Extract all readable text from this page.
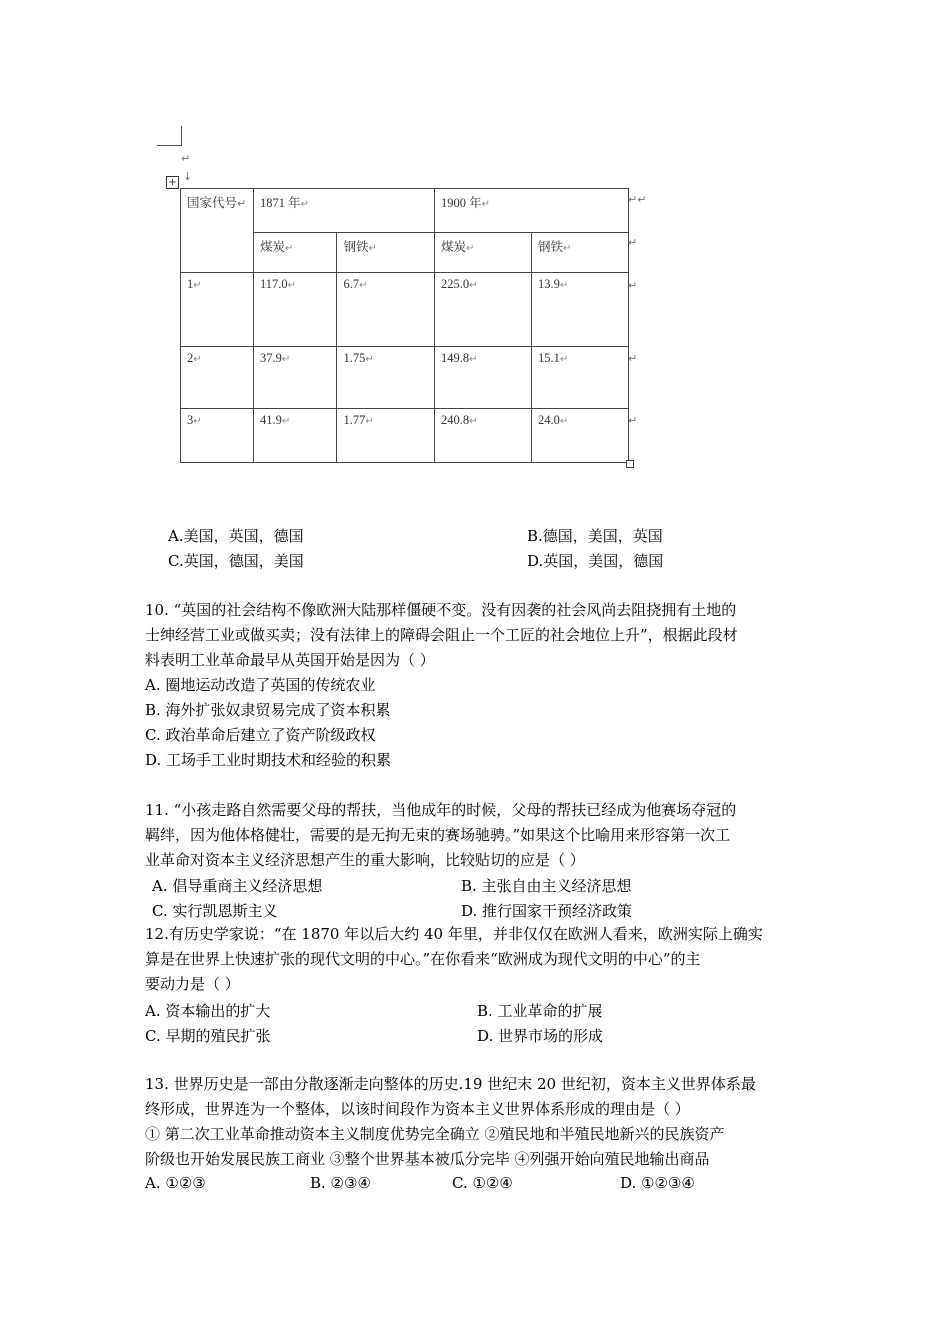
↵
↓
+
国家代号↵	1871 年↵		1900 年↵	
	煤炭↵	钢铁↵	煤炭↵	钢铁↵
1↵	117.0↵	6.7↵	225.0↵	13.9↵
2↵	37.9↵	1.75↵	149.8↵	15.1↵
3↵	41.9↵	1.77↵	240.8↵	24.0↵
↵↵
↵
↵
↵
↵
A.美国，英国，德国	B.德国，美国，英国
C.英国，德国，美国	D.英国，美国，德国
10. “英国的社会结构不像欧洲大陆那样僵硬不变。没有因袭的社会风尚去阻挠拥有土地的
士绅经营工业或做买卖；没有法律上的障碍会阻止一个工匠的社会地位上升”，根据此段材
料表明工业革命最早从英国开始是因为（ ）
A. 圈地运动改造了英国的传统农业
B. 海外扩张奴隶贸易完成了资本积累
C. 政治革命后建立了资产阶级政权
D. 工场手工业时期技术和经验的积累
11. “小孩走路自然需要父母的帮扶，当他成年的时候，父母的帮扶已经成为他赛场夺冠的
羁绊，因为他体格健壮，需要的是无拘无束的赛场驰骋。”如果这个比喻用来形容第一次工
业革命对资本主义经济思想产生的重大影响，比较贴切的应是（ ）
A. 倡导重商主义经济思想	B. 主张自由主义经济思想
C. 实行凯恩斯主义	D. 推行国家干预经济政策
12.有历史学家说：“在 1870 年以后大约 40 年里，并非仅仅在欧洲人看来，欧洲实际上确实
算是在世界上快速扩张的现代文明的中心。”在你看来“欧洲成为现代文明的中心”的主
要动力是（ ）
A. 资本输出的扩大	B. 工业革命的扩展
C. 早期的殖民扩张	D. 世界市场的形成
13. 世界历史是一部由分散逐渐走向整体的历史.19 世纪末 20 世纪初，资本主义世界体系最
终形成，世界连为一个整体，以该时间段作为资本主义世界体系形成的理由是（ ）
① 第二次工业革命推动资本主义制度优势完全确立 ②殖民地和半殖民地新兴的民族资产
阶级也开始发展民族工商业 ③整个世界基本被瓜分完毕 ④列强开始向殖民地输出商品
A. ①②③	B. ②③④	C. ①②④	D. ①②③④
